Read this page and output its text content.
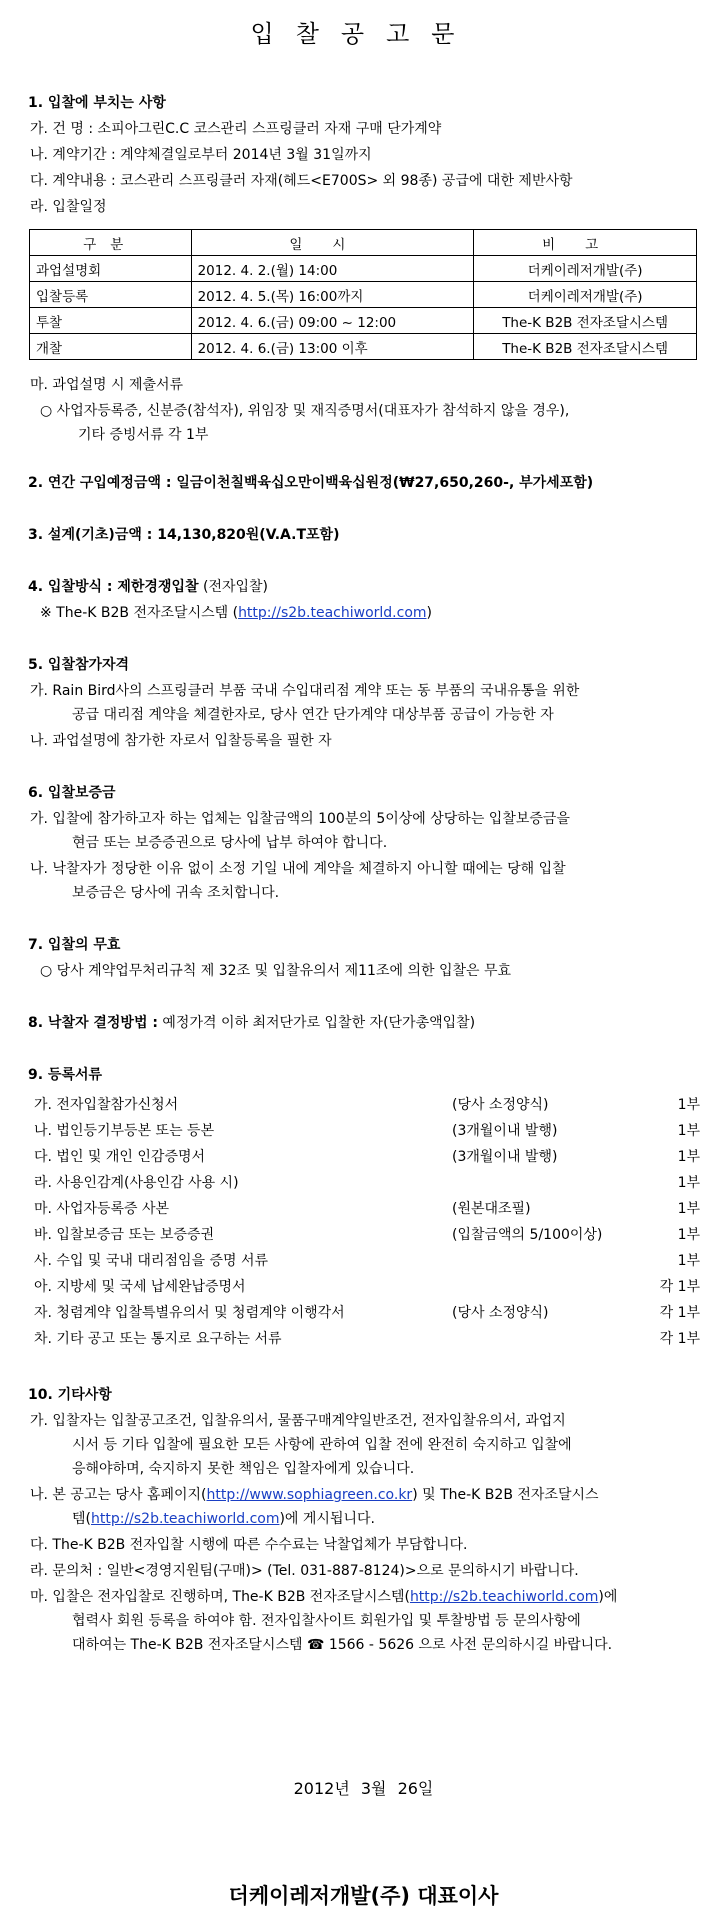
입찰공고문
1. 입찰에 부치는 사항
가. 건 명 : 소피아그린C.C 코스관리 스프링클러 자재 구매 단가계약
나. 계약기간 : 계약체결일로부터 2014년 3월 31일까지
다. 계약내용 : 코스관리 스프링클러 자재(헤드<E700S> 외 98종) 공급에 대한 제반사항
라. 입찰일정
구분	일시	비고
과업설명회	2012. 4. 2.(월) 14:00	더케이레저개발(주)
입찰등록	2012. 4. 5.(목) 16:00까지	더케이레저개발(주)
투찰	2012. 4. 6.(금) 09:00 ~ 12:00	The-K B2B 전자조달시스템
개찰	2012. 4. 6.(금) 13:00 이후	The-K B2B 전자조달시스템
마. 과업설명 시 제출서류
○ 사업자등록증, 신분증(참석자), 위임장 및 재직증명서(대표자가 참석하지 않을 경우),
기타 증빙서류 각 1부
2. 연간 구입예정금액 : 일금이천칠백육십오만이백육십원정(₩27,650,260-, 부가세포함)
3. 설계(기초)금액 : 14,130,820원(V.A.T포함)
4. 입찰방식 : 제한경쟁입찰 (전자입찰)
※ The-K B2B 전자조달시스템 (http://s2b.teachiworld.com)
5. 입찰참가자격
가. Rain Bird사의 스프링클러 부품 국내 수입대리점 계약 또는 동 부품의 국내유통을 위한
공급 대리점 계약을 체결한자로, 당사 연간 단가계약 대상부품 공급이 가능한 자
나. 과업설명에 참가한 자로서 입찰등록을 필한 자
6. 입찰보증금
가. 입찰에 참가하고자 하는 업체는 입찰금액의 100분의 5이상에 상당하는 입찰보증금을
현금 또는 보증증권으로 당사에 납부 하여야 합니다.
나. 낙찰자가 정당한 이유 없이 소정 기일 내에 계약을 체결하지 아니할 때에는 당해 입찰
보증금은 당사에 귀속 조치합니다.
7. 입찰의 무효
○ 당사 계약업무처리규칙 제 32조 및 입찰유의서 제11조에 의한 입찰은 무효
8. 낙찰자 결정방법 : 예정가격 이하 최저단가로 입찰한 자(단가총액입찰)
9. 등록서류
가. 전자입찰참가신청서	(당사 소정양식)	1부
나. 법인등기부등본 또는 등본	(3개월이내 발행)	1부
다. 법인 및 개인 인감증명서	(3개월이내 발행)	1부
라. 사용인감계(사용인감 사용 시)	1부
마. 사업자등록증 사본	(원본대조필)	1부
바. 입찰보증금 또는 보증증권	(입찰금액의 5/100이상)	1부
사. 수입 및 국내 대리점임을 증명 서류	1부
아. 지방세 및 국세 납세완납증명서	각 1부
자. 청렴계약 입찰특별유의서 및 청렴계약 이행각서	(당사 소정양식)	각 1부
차. 기타 공고 또는 통지로 요구하는 서류	각 1부
10. 기타사항
가. 입찰자는 입찰공고조건, 입찰유의서, 물품구매계약일반조건, 전자입찰유의서, 과업지
시서 등 기타 입찰에 필요한 모든 사항에 관하여 입찰 전에 완전히 숙지하고 입찰에
응해야하며, 숙지하지 못한 책임은 입찰자에게 있습니다.
나. 본 공고는 당사 홈페이지(http://www.sophiagreen.co.kr) 및 The-K B2B 전자조달시스
템(http://s2b.teachiworld.com)에 게시됩니다.
다. The-K B2B 전자입찰 시행에 따른 수수료는 낙찰업체가 부담합니다.
라. 문의처 : 일반<경영지원팀(구매)> (Tel. 031-887-8124)>으로 문의하시기 바랍니다.
마. 입찰은 전자입찰로 진행하며, The-K B2B 전자조달시스템(http://s2b.teachiworld.com)에
협력사 회원 등록을 하여야 함. 전자입찰사이트 회원가입 및 투찰방법 등 문의사항에
대하여는 The-K B2B 전자조달시스템 ☎ 1566 - 5626 으로 사전 문의하시길 바랍니다.
2012년 3월 26일
더케이레저개발(주) 대표이사
